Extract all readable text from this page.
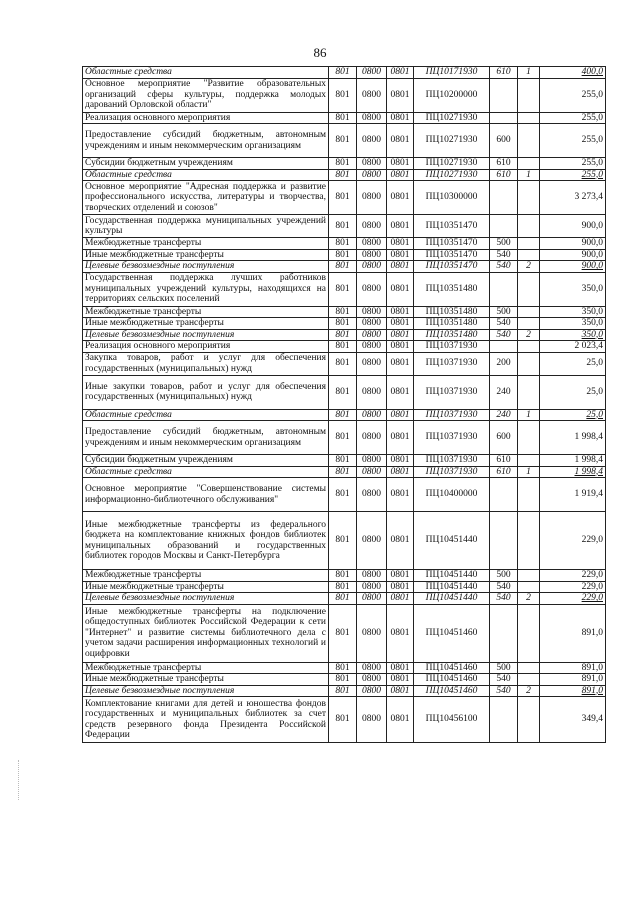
86
Областные средства	801	0800	0801	ПЦ10171930	610	1	400,0
Основное мероприятие "Развитие образовательных организаций сферы культуры, поддержка молодых дарований Орловской области"	801	0800	0801	ПЦ10200000			255,0
Реализация основного мероприятия	801	0800	0801	ПЦ10271930			255,0
Предоставление субсидий бюджетным, автономным учреждениям и иным некоммерческим организациям	801	0800	0801	ПЦ10271930	600		255,0
Субсидии бюджетным учреждениям	801	0800	0801	ПЦ10271930	610		255,0
Областные средства	801	0800	0801	ПЦ10271930	610	1	255,0
Основное мероприятие "Адресная поддержка и развитие профессионального искусства, литературы и творчества, творческих отделений и союзов"	801	0800	0801	ПЦ10300000			3 273,4
Государственная поддержка муниципальных учреждений культуры	801	0800	0801	ПЦ10351470			900,0
Межбюджетные трансферты	801	0800	0801	ПЦ10351470	500		900,0
Иные межбюджетные трансферты	801	0800	0801	ПЦ10351470	540		900,0
Целевые безвозмездные поступления	801	0800	0801	ПЦ10351470	540	2	900,0
Государственная поддержка лучших работников муниципальных учреждений культуры, находящихся на территориях сельских поселений	801	0800	0801	ПЦ10351480			350,0
Межбюджетные трансферты	801	0800	0801	ПЦ10351480	500		350,0
Иные межбюджетные трансферты	801	0800	0801	ПЦ10351480	540		350,0
Целевые безвозмездные поступления	801	0800	0801	ПЦ10351480	540	2	350,0
Реализация основного мероприятия	801	0800	0801	ПЦ10371930			2 023,4
Закупка товаров, работ и услуг для обеспечения государственных (муниципальных) нужд	801	0800	0801	ПЦ10371930	200		25,0
Иные закупки товаров, работ и услуг для обеспечения государственных (муниципальных) нужд	801	0800	0801	ПЦ10371930	240		25,0
Областные средства	801	0800	0801	ПЦ10371930	240	1	25,0
Предоставление субсидий бюджетным, автономным учреждениям и иным некоммерческим организациям	801	0800	0801	ПЦ10371930	600		1 998,4
Субсидии бюджетным учреждениям	801	0800	0801	ПЦ10371930	610		1 998,4
Областные средства	801	0800	0801	ПЦ10371930	610	1	1 998,4
Основное мероприятие "Совершенствование системы информационно-библиотечного обслуживания"	801	0800	0801	ПЦ10400000			1 919,4
Иные межбюджетные трансферты из федерального бюджета на комплектование книжных фондов библиотек муниципальных образований и государственных библиотек городов Москвы и Санкт-Петербурга	801	0800	0801	ПЦ10451440			229,0
Межбюджетные трансферты	801	0800	0801	ПЦ10451440	500		229,0
Иные межбюджетные трансферты	801	0800	0801	ПЦ10451440	540		229,0
Целевые безвозмездные поступления	801	0800	0801	ПЦ10451440	540	2	229,0
Иные межбюджетные трансферты на подключение общедоступных библиотек Российской Федерации к сети "Интернет" и развитие системы библиотечного дела с учетом задачи расширения информационных технологий и оцифровки	801	0800	0801	ПЦ10451460			891,0
Межбюджетные трансферты	801	0800	0801	ПЦ10451460	500		891,0
Иные межбюджетные трансферты	801	0800	0801	ПЦ10451460	540		891,0
Целевые безвозмездные поступления	801	0800	0801	ПЦ10451460	540	2	891,0
Комплектование книгами для детей и юношества фондов государственных и муниципальных библиотек за счет средств резервного фонда Президента Российской Федерации	801	0800	0801	ПЦ10456100			349,4
